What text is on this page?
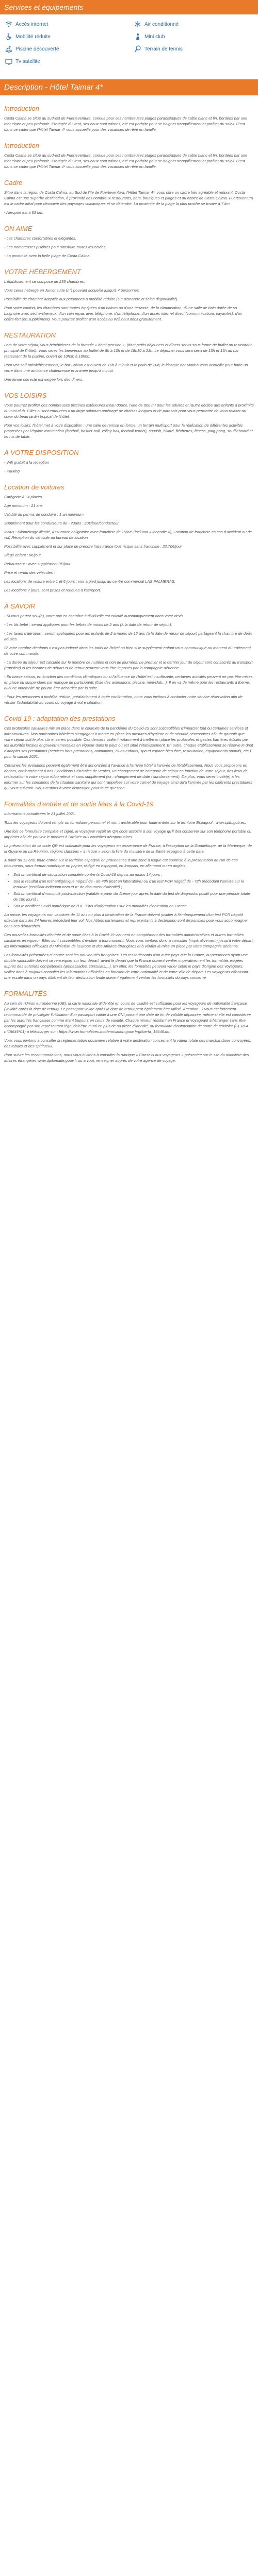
Services et équipements
Accès internet	Air conditionné
Mobilité réduite	Mini club
Piscine découverte	Terrain de tennis
Tv satellite
Description - Hôtel Taimar 4*
Introduction

Costa Calma se situe au sud-est de Fuerteventura, connue pour ses nombreuses plages paradisiaques de sable blanc et fin, bordées par une mer claire et peu profonde. Protégée du vent, ses eaux sont calmes, été est parfaite pour se baigner tranquillement et profiter du soleil. C'est dans ce cadre que l'Hôtel Taimar 4* vous accueille pour des vacances de rêve en famille.

Introduction

Costa Calma se situe au sud-est de Fuerteventura, connue pour ses nombreuses plages paradisiaques de sable blanc et fin, bordées par une mer claire et peu profonde. Protégée du vent, ses eaux sont calmes, été est parfaite pour se baigner tranquillement et profiter du soleil. C'est dans ce cadre que l'Hôtel Taimar 4* vous accueille pour des vacances de rêve en famille.

Cadre

Situé dans la région de Costa Calma, au Sud de l'île de Fuerteventura, l'Hôtel Taimar 4*, vous offre un cadre très agréable et relaxant. Costa Calma est une superbe destination, à proximité des nombreux restaurants, bars, boutiques et plages et du centre de Costa Calma. Fuerteventura est le cadre idéal pour découvrir des paysages volcaniques et se détendre. La proximité de la plage la plus proche se trouve à 7 km.

- Aéroport est à 63 km.

ON AIME

- Les chambres confortables et élégantes.

- Les nombreuses piscines pour satisfaire toutes les envies.

- La proximité avec la belle plage de Costa Calma.

VOTRE HÉBERGEMENT

L'établissement se compose de 235 chambres.

Vous serez hébergé en Junior suite (n°) pouvant accueillir jusqu'à 4 personnes.

Possibilité de chambre adaptée aux personnes à mobilité réduite (sur demande et selon disponibilité).

Pour votre confort, les chambres sont toutes équipées d'un balcon ou d'une terrasse, de la climatisation, d'une salle de bain dotée de sa baignoire avec sèche-cheveux, d'un coin repas avec téléphone, d'un téléphone, d'un accès internet direct (communications payantes), d'un coffre-fort (en supplément). Vous pourrez profiter d'un accès au Wifi haut débit gratuitement.

RESTAURATION

Lors de votre séjour, vous bénéficierez de la formule « demi-pension », (dont petits déjeuners et dîners servis sous forme de buffet au restaurant principal de l'hôtel). Vous serez les bienvenus au buffet de 8h à 10h et de 18h30 à 21h. Le déjeuner vous sera servi de 13h et 15h au bar restaurant de la piscine, ouvert de 10h30 à 18h00.

Pour vos soif-rafraîchissements, le bar Salvan est ouvert de 16h à minuit et le patio de 20h, le kiosque bar Marina vous accueille pour boire un verre dans une ambiance chaleureuse et animée jusqu'à minuit.

Une tenue correcte est exigée lors des dîners.

VOS LOISIRS

Vous pourrez profiter des nombreuses piscines extérieures d'eau douce, l'une de 800 m² pour les adultes et l'autre dédiée aux enfants à proximité du mini club. Cilles ci sont entourées d'un large solarium aménagé de chaises longues et de parasols pour vous permettre de vous relaxer au cœur du beau jardin tropical de l'hôtel.

Pour vos loisirs, l'hôtel met à votre disposition : une salle de remise en forme, un terrain multisport pour la réalisation de différentes activités proposées par l'équipe d'animation (football, basket-ball, volley-ball, football-tennis), squash, billard, fléchettes, fitness, ping-pong, shuffleboard et tennis de table.

À VOTRE DISPOSITION

- Wifi gratuit à la réception

- Parking

Location de voitures

Catégorie A : 4 places

Age minimum : 21 ans

Validité du permis de conduire : 1 an minimum

Supplément pour les conducteurs de - 23ans : 20€/jour/conducteur

Inclus : Kilométrage illimité, Assurance obligatoire avec franchise de 1500€ (incluant « incendie »), Location de franchise en cas d'accident ou de vol) Réception du véhicule au bureau de location

Possibilité avec supplément et sur place de prendre l'assurance tous risque sans franchise : 22,70€/jour

Siège enfant : 9€/jour

Rehausseur : avec supplément 3€/jour

Prise et rendu des véhicules :

Les locations de voiture entre 1 et 6 jours : voir à pied jusqu'au centre commercial LAS PALMERAS.

Les locations 7 jours, sont prises et rendues à l'aéroport.

À SAVOIR

- Si vous partez seul(e), votre prix en chambre individuelle est calculé automatiquement dans votre devis.

- Les lits bébé : seront appliqués pour les bébés de moins de 2 ans (à la date de retour de séjour).

- Les taxes d'aéroport : seront appliquées pour les enfants de 2 à moins de 12 ans (à la date de retour de séjour) partageant la chambre de deux adultes.

Si votre nombre d'enfants n'est pas indiqué dans les tarifs de l'hôtel ou bien si le supplément enfant vous communiqué au moment du traitement de votre commande.

- La durée du séjour est calculée sur le nombre de nuitées et non de journées. Le premier et le dernier jour du séjour sont consacrés au transport (transfert) et les horaires de départ et de retour peuvent vous être imposés par la compagnie aérienne.

- En basse saison, en fonction des conditions climatiques ou si l'affluence de l'hôtel est insuffisante, certaines activités peuvent ne pas être mises en place ou suspendues par manque de participants (liste des animations, piscine, mini-club...). Il en va de même pour les restaurants à thème, aucune indemnité ne pourra être accordée par la suite.

- Pour les personnes à mobilité réduite, préalablement à toute confirmation, nous vous invitons à contacter notre service réservation afin de vérifier l'adaptabilité au cours du voyage à votre situation.

Covid-19 : adaptation des prestations

Ces protocoles sanitaires mis en place dans le contexte de la pandémie du Covid-19 sont susceptibles d'impacter tout ou certaines services et infrastructures. Nos partenaires hôteliers s'engagent à mettre en place les mesures d'hygiène et de sécurité nécessaires afin de garantir que votre séjour soit le plus sûr et serein possible. Ces derniers veillent notamment à mettre en place les protocoles et gestes barrières édictés par les autorités locales et gouvernementales en vigueur dans le pays où est situé l'établissement. En outre, chaque établissement se réserve le droit d'adapter ses prestations (services hors prestations, animations, clubs enfants, spa et espace bien-être, restauration, équipements sportifs, etc.) pour la saison 2021.

Certaines les évolutions peuvent également être annoncées à l'avance à l'arrivée hôtel à l'arrivée de l'établissement. Nous vous proposons en dehors, conformément à nos Conditions Générales de Ventes, un changement de catégorie de séjour en fonction de votre séjour, des lieux de restauration à votre séjour et/ou relevé et sans supplément (ex : changement de date / surclassement). De plus, vous serez invité(e) à les informer sur les conditions de la situation sanitaire qui sont rappelées sur votre carnet de voyage ainsi qu'à l'arrivée par les différents prestataires qui vous suivront. Nous restons à votre disposition pour toute question.

Formalités d'entrée et de sortie liées à la Covid-19

Informations actualisées le 21 juillet 2021.

Tous les voyageurs doivent remplir un formulaire personnel et non transférable pour toute entrée sur le territoire Espagnol : www.spth.gob.es.

Une fois ce formulaire complété et signé, le voyageur reçoit un QR code associé à son voyage qu'il doit conserver sur son téléphone portable ou imprimer afin de pouvoir le montrer à l'arrivée aux contrôles aéroportuaires.

La présentation de ce code QR est suffisante pour les voyageurs en provenance de France, à l'exception de la Guadeloupe, de la Martinique, de la Guyane ou La Réunion, régions classées « à risque » selon la liste du ministère de la Santé espagnol à cette date.

À partir du 12 ans, toute entrée sur le territoire espagnol en provenance d'une zone à risque est soumise à la présentation de l'un de ces documents, sous format numérique ou papier, rédigé en espagnol, en français, en allemand ou en anglais :

• Soit un certificat de vaccination complète contre la Covid-19 depuis au moins 14 jours ;
• Soit le résultat d'un test antigénique négatif de - de 48h (test en laboratoire) ou d'un test PCR négatif de - 72h précédant l'arrivée sur le territoire (certificat indiquant nom et n° de document d'identité) ;
• Soit un certificat d'immunité post-infection (valable à partir du 11ème jour après la date du test de diagnostic positif pour une période totale de 180 jours) ;
• Soit le certificat Covid numérique de l'UE. Plus d'informations sur les modalités d'obtention en France.

Au retour, les voyageurs non vaccinés de 11 ans ou plus à destination de la France doivent justifier à l'embarquement d'un test PCR négatif effectué dans les 24 heures précédant leur vol. Nos hôtels partenaires et représentants à destination sont disponibles pour vous accompagner dans ces démarches.

Ces nouvelles formalités d'entrée et de sortie liées à la Covid-19 viennent en complément des formalités administratives et autres formalités sanitaires en vigueur. Elles sont susceptibles d'évoluer à tout moment. Nous vous invitons donc à consulter (impérativement) jusqu'à votre départ, les informations officielles du Ministère de l'Europe et des Affaires étrangères et à vérifier la mise en place par votre compagnie aérienne.

Les formalités présentées ci-contre sont les nouveautés françaises. Les ressortissants d'un autre pays que la France, ou personnes ayant une double nationalité doivent se renseigner sur leur départ, avant le départ que la France doivent vérifier impérativement les formalités exigées auprès des autorités compétentes (ambassades, consulats,...). En effet, les formalités peuvent varier selon le pays d'origine des voyageurs, veillez donc à toujours consulter les informations officielles en fonction de votre nationalité et de votre ville de départ. Les voyageurs effectuant une escale dans un pays différent de leur destination finale doivent également vérifier les formalités du pays concerné.

FORMALITÉS

Au sein de l'Union européenne (UE), la carte nationale d'identité en cours de validité est suffisante pour les voyageurs de nationalité française (validité après la date de retour). Le passeport valide après la date de retour peut également être utilisé. Attention : il vous est fortement recommandé de privilégier l'utilisation d'un passeport valide à une CNI portant une date de fin de validité dépassée, même si elle est considérée par les autorités françaises comme étant toujours en cours de validité. Chaque mineur résidant en France et voyageant à l'étranger sans être accompagné par son représentant légal doit être muni en plus de sa pièce d'identité, du formulaire d'autorisation de sortie de territoire (CERFA n°15646*01) à télécharger sur : https://www.formulaires.modernisation.gouv.fr/gf/cerfa_15646.do.

Vous vous invitons à consulter la réglementation douanière relative à votre destination concernant la valeur totale des marchandises convoyées, des tabacs et des spiritueux.

Pour suivre les recommandations, nous vous invitons à consulter la rubrique « Conseils aux voyageurs » présentée sur le site du ministère des affaires étrangères www.diplomatie.gouv.fr ou à vous renseigner auprès de votre agence de voyage.
